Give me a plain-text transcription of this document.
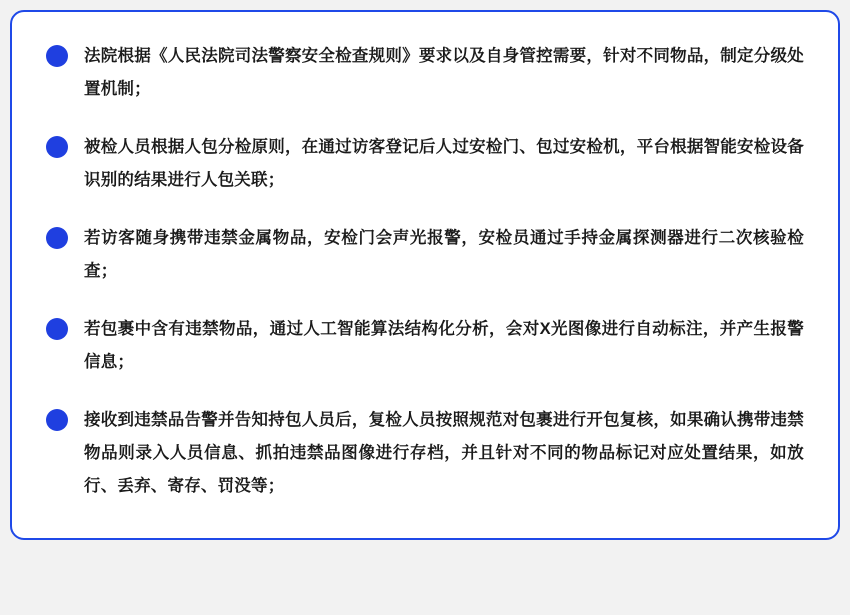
法院根据《人民法院司法警察安全检查规则》要求以及自身管控需要，针对不同物品，制定分级处置机制；
被检人员根据人包分检原则，在通过访客登记后人过安检门、包过安检机，平台根据智能安检设备识别的结果进行人包关联；
若访客随身携带违禁金属物品，安检门会声光报警，安检员通过手持金属探测器进行二次核验检查；
若包裹中含有违禁物品，通过人工智能算法结构化分析，会对X光图像进行自动标注，并产生报警信息；
接收到违禁品告警并告知持包人员后，复检人员按照规范对包裹进行开包复核，如果确认携带违禁物品则录入人员信息、抓拍违禁品图像进行存档，并且针对不同的物品标记对应处置结果，如放行、丢弃、寄存、罚没等；
